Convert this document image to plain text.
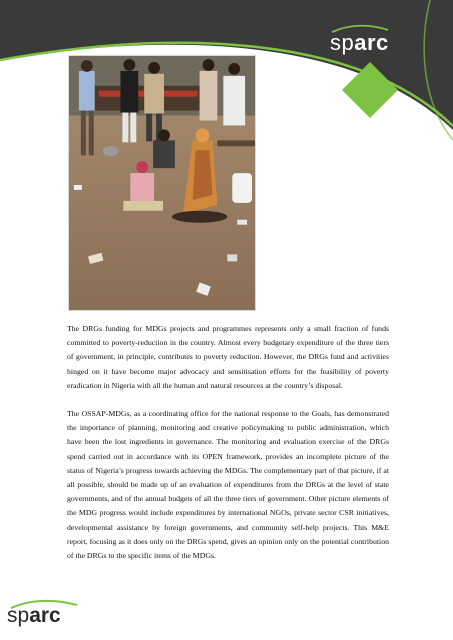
sparc

The DRGs funding for MDGs projects and programmes represents only a small fraction of funds committed to poverty-reduction in the country. Almost every budgetary expenditure of the three tiers of government, in principle, contributes to poverty reduction. However, the DRGs fund and activities hinged on it have become major advocacy and sensitisation efforts for the feasibility of poverty eradication in Nigeria with all the human and natural resources at the country’s disposal.

The OSSAP-MDGs, as a coordinating office for the national response to the Goals, has demonstrated the importance of planning, monitoring and creative policymaking to public administration, which have been the lost ingredients in governance. The monitoring and evaluation exercise of the DRGs spend carried out in accordance with its OPEN framework, provides an incomplete picture of the status of Nigeria’s progress towards achieving the MDGs. The complementary part of that picture, if at all possible, should be made up of an evaluation of expenditures from the DRGs at the level of state governments, and of the annual budgets of all the three tiers of government. Other picture elements of the MDG progress would include expenditures by international NGOs, private sector CSR initiatives, developmental assistance by foreign governments, and community self-help projects. This M&E report, focusing as it does only on the DRGs spend, gives an opinion only on the potential contribution of the DRGs to the specific items of the MDGs.

sparc
